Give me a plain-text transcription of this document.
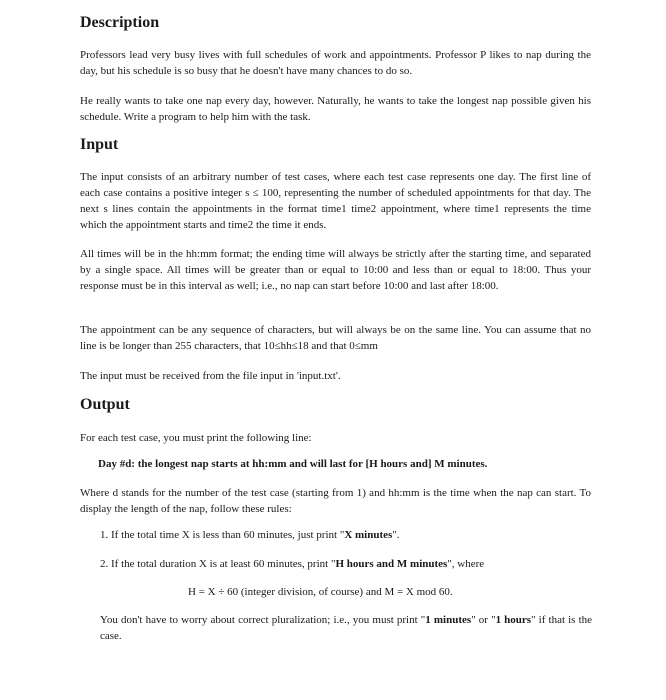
Description

Professors lead very busy lives with full schedules of work and appointments. Professor P likes to nap during the day, but his schedule is so busy that he doesn't have many chances to do so.

He really wants to take one nap every day, however. Naturally, he wants to take the longest nap possible given his schedule. Write a program to help him with the task.

Input

The input consists of an arbitrary number of test cases, where each test case represents one day. The first line of each case contains a positive integer s ≤ 100, representing the number of scheduled appointments for that day. The next s lines contain the appointments in the format time1 time2 appointment, where time1 represents the time which the appointment starts and time2 the time it ends.

All times will be in the hh:mm format; the ending time will always be strictly after the starting time, and separated by a single space. All times will be greater than or equal to 10:00 and less than or equal to 18:00. Thus your response must be in this interval as well; i.e., no nap can start before 10:00 and last after 18:00.

The appointment can be any sequence of characters, but will always be on the same line. You can assume that no line is be longer than 255 characters, that 10≤hh≤18 and that 0≤mm

The input must be received from the file input in 'input.txt'.

Output

For each test case, you must print the following line:

Day #d: the longest nap starts at hh:mm and will last for [H hours and] M minutes.

Where d stands for the number of the test case (starting from 1) and hh:mm is the time when the nap can start. To display the length of the nap, follow these rules:

1. If the total time X is less than 60 minutes, just print "X minutes".

2. If the total duration X is at least 60 minutes, print "H hours and M minutes", where

H = X ÷ 60 (integer division, of course) and M = X mod 60.

You don't have to worry about correct pluralization; i.e., you must print "1 minutes" or "1 hours" if that is the case.
